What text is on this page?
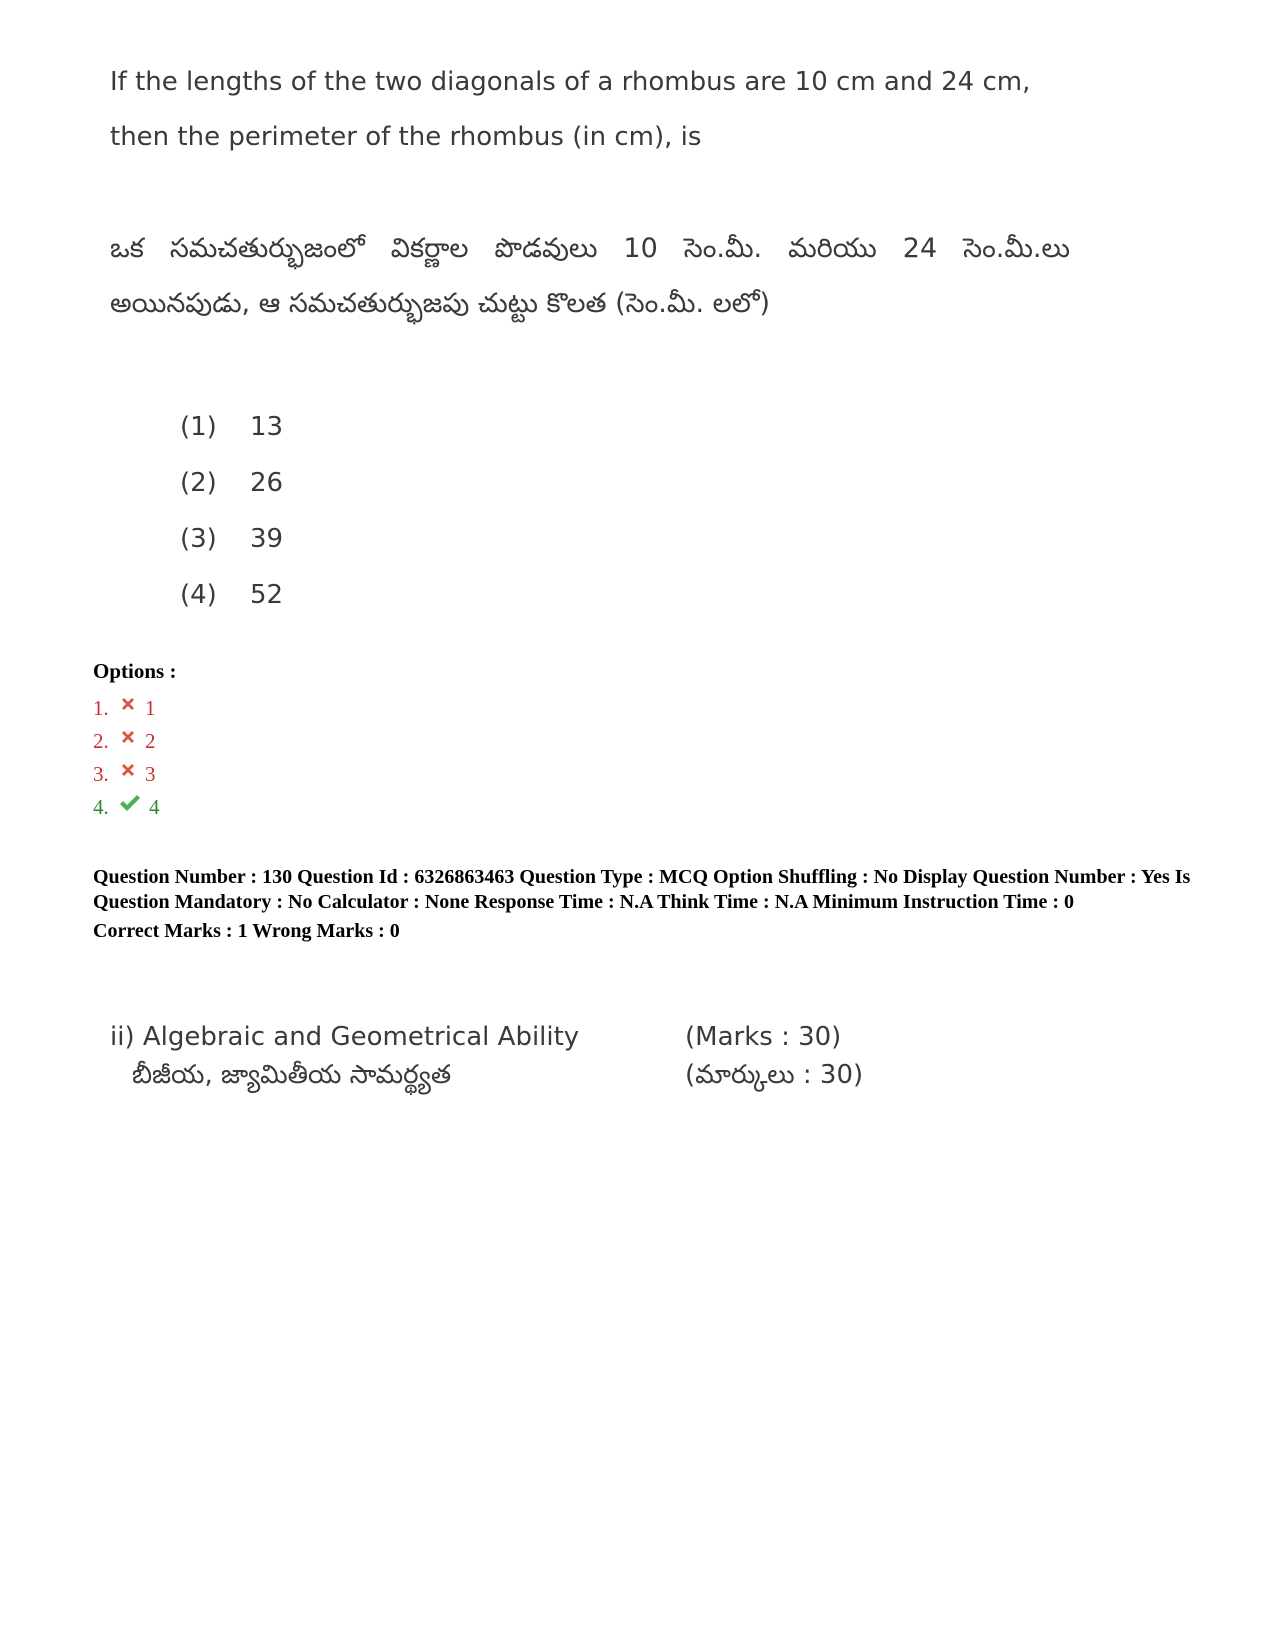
If the lengths of the two diagonals of a rhombus are 10 cm and 24 cm, then the perimeter of the rhombus (in cm), is

ఒక సమచతుర్భుజంలో వికర్ణాల పొడవులు 10 సెం.మీ. మరియు 24 సెం.మీ.లు అయినపుడు, ఆ సమచతుర్భుజపు చుట్టు కొలత (సెం.మీ. లలో)

(1)	13
(2)	26
(3)	39
(4)	52

Options :

1.	1
2.	2
3.	3
4.	4

Question Number : 130 Question Id : 6326863463 Question Type : MCQ Option Shuffling : No Display Question Number : Yes Is Question Mandatory : No Calculator : None Response Time : N.A Think Time : N.A Minimum Instruction Time : 0

Correct Marks : 1 Wrong Marks : 0

ii) Algebraic and Geometrical Ability	(Marks : 30)
బీజీయ, జ్యామితీయ సామర్థ్యత	(మార్కులు : 30)
